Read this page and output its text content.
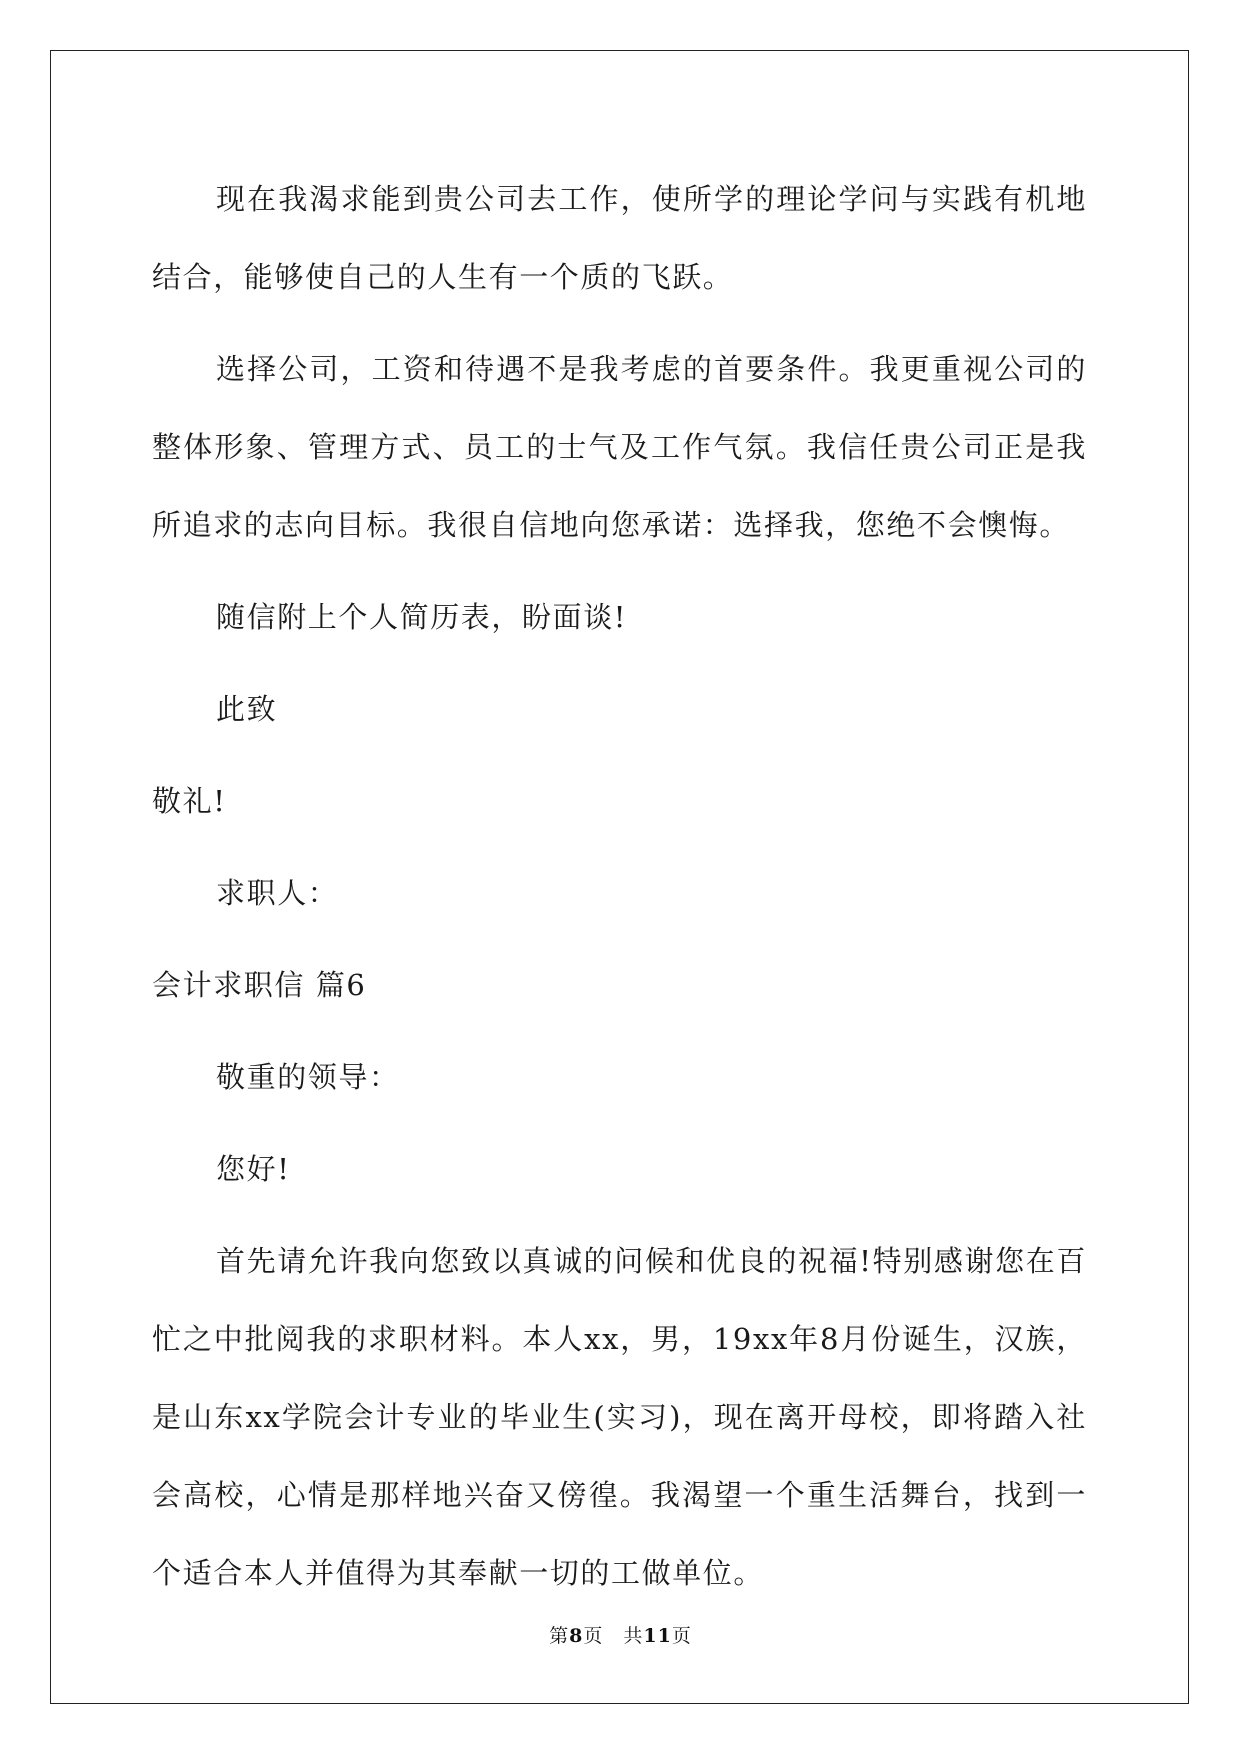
现在我渴求能到贵公司去工作，使所学的理论学问与实践有机地结合，能够使自己的人生有一个质的飞跃。

选择公司，工资和待遇不是我考虑的首要条件。我更重视公司的整体形象、管理方式、员工的士气及工作气氛。我信任贵公司正是我所追求的志向目标。我很自信地向您承诺：选择我，您绝不会懊悔。

随信附上个人简历表，盼面谈!

此致

敬礼!

求职人：

会计求职信 篇6

敬重的领导：

您好!

首先请允许我向您致以真诚的问候和优良的祝福!特别感谢您在百忙之中批阅我的求职材料。本人xx，男，19xx年8月份诞生，汉族，是山东xx学院会计专业的毕业生(实习)，现在离开母校，即将踏入社会高校，心情是那样地兴奋又傍徨。我渴望一个重生活舞台，找到一个适合本人并值得为其奉献一切的工做单位。

第8页　共11页
